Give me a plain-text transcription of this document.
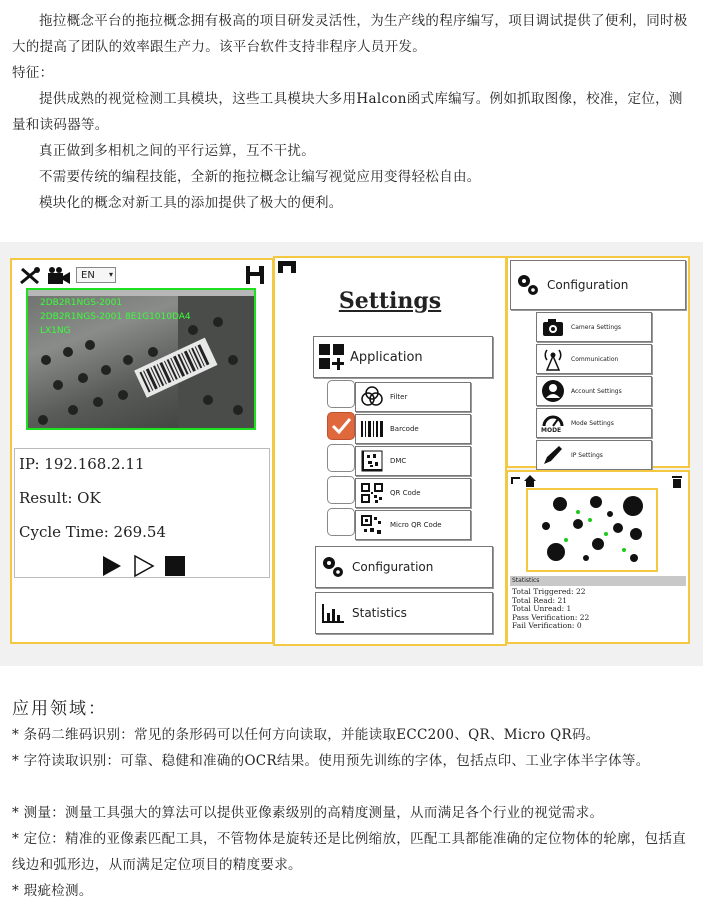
拖拉概念平台的拖拉概念拥有极高的项目研发灵活性，为生产线的程序编写，项目调试提供了便利，同时极大的提高了团队的效率跟生产力。该平台软件支持非程序人员开发。
特征：
提供成熟的视觉检测工具模块，这些工具模块大多用Halcon函式库编写。例如抓取图像，校准，定位，测量和读码器等。
真正做到多相机之间的平行运算，互不干扰。
不需要传统的编程技能，全新的拖拉概念让编写视觉应用变得轻松自由。
模块化的概念对新工具的添加提供了极大的便利。
EN ▾
2DB2R1NGS-2001
2DB2R1NGS-2001 8E1G1010DA4
LX1NG
IP: 192.168.2.11
Result: OK
Cycle Time: 269.54
Settings
Application
Filter
Barcode
DMC
QR Code
Micro QR Code
Configuration
Statistics
Configuration
Camera Settings
Communication
Account Settings
MODE
Mode Settings
IP Settings
Statistics
Total Triggered: 22
Total Read: 21
Total Unread: 1
Pass Verification: 22
Fail Verification: 0
应用领域：
* 条码二维码识别：常见的条形码可以任何方向读取，并能读取ECC200、QR、Micro QR码。
* 字符读取识别：可靠、稳健和准确的OCR结果。使用预先训练的字体，包括点印、工业字体半字体等。
* 测量：测量工具强大的算法可以提供亚像素级别的高精度测量，从而满足各个行业的视觉需求。
* 定位：精准的亚像素匹配工具，不管物体是旋转还是比例缩放，匹配工具都能准确的定位物体的轮廓，包括直线边和弧形边，从而满足定位项目的精度要求。
* 瑕疵检测。
